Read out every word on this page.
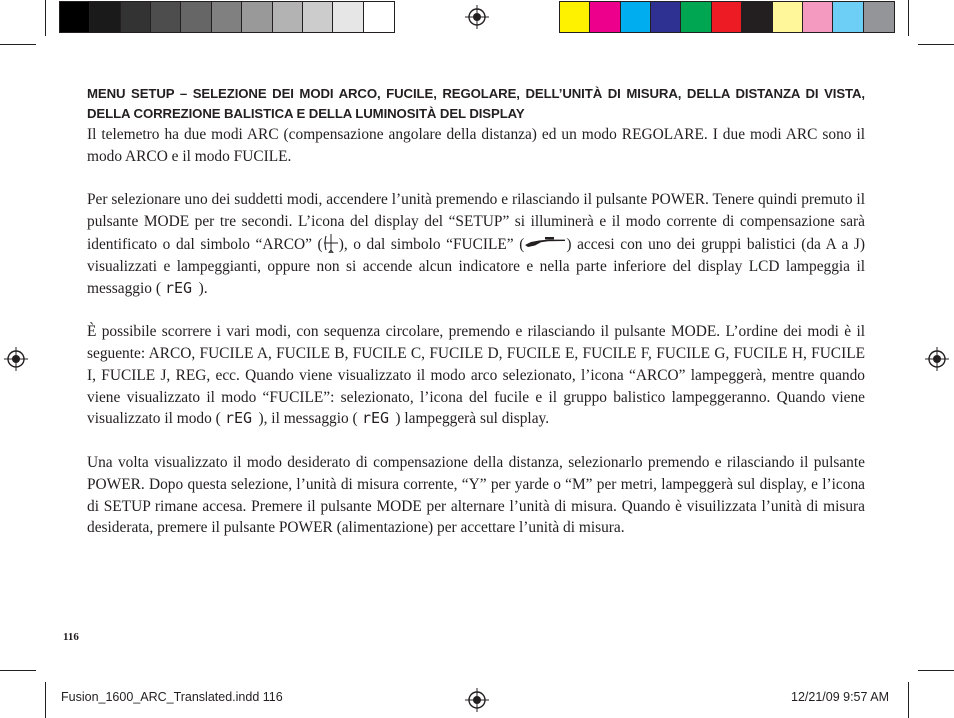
MENU SETUP – SELEZIONE DEI MODI ARCO, FUCILE, REGOLARE, DELL’UNITÀ DI MISURA, DELLA DISTANZA DI VISTA, DELLA CORREZIONE BALISTICA E DELLA LUMINOSITÀ DEL DISPLAY

Il telemetro ha due modi ARC (compensazione angolare della distanza) ed un modo REGOLARE. I due modi ARC sono il modo ARCO e il modo FUCILE.

Per selezionare uno dei suddetti modi, accendere l’unità premendo e rilasciando il pulsante POWER. Tenere quindi premuto il pulsante MODE per tre secondi. L’icona del display del “SETUP” si illuminerà e il modo corrente di compensazione sarà identificato o dal simbolo “ARCO” ( ), o dal simbolo “FUCILE” (	) accesi con uno dei gruppi balistici (da A a J) visualizzati e lampeggianti, oppure non si accende alcun indicatore e nella parte inferiore del display LCD lampeggia il messaggio ( rEG ).

È possibile scorrere i vari modi, con sequenza circolare, premendo e rilasciando il pulsante MODE. L’ordine dei modi è il seguente: ARCO, FUCILE A, FUCILE B, FUCILE C, FUCILE D, FUCILE E, FUCILE F, FUCILE G, FUCILE H, FUCILE I, FUCILE J, REG, ecc. Quando viene visualizzato il modo arco selezionato, l’icona “ARCO” lampeggerà, mentre quando viene visualizzato il modo “FUCILE”: selezionato, l’icona del fucile e il gruppo balistico lampeggeranno. Quando viene visualizzato il modo ( rEG ), il messaggio ( rEG ) lampeggerà sul display.

Una volta visualizzato il modo desiderato di compensazione della distanza, selezionarlo premendo e rilasciando il pulsante POWER. Dopo questa selezione, l’unità di misura corrente, “Y” per yarde o “M” per metri, lampeggerà sul display, e l’icona di SETUP rimane accesa. Premere il pulsante MODE per alternare l’unità di misura. Quando è visuilizzata l’unità di misura desiderata, premere il pulsante POWER (alimentazione) per accettare l’unità di misura.

116
Fusion_1600_ARC_Translated.indd 116	12/21/09 9:57 AM
